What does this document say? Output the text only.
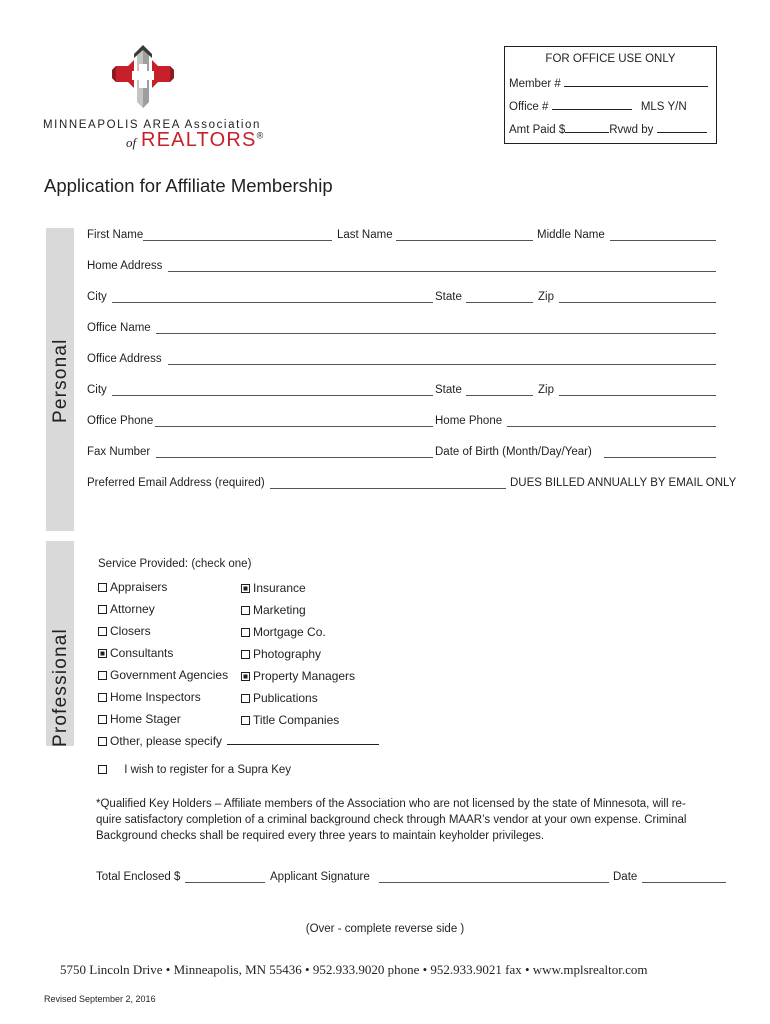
MINNEAPOLIS AREA Association
of REALTORS®
FOR OFFICE USE ONLY
Member #
Office #	MLS Y/N
Amt Paid $	Rvwd by
Application for Affiliate Membership
Personal
Professional
First Name	Last Name	Middle Name
Home Address
City	State	Zip
Office Name
Office Address
City	State	Zip
Office Phone	Home Phone
Fax Number	Date of Birth (Month/Day/Year)
Preferred Email Address (required)	DUES BILLED ANNUALLY BY EMAIL ONLY
Service Provided: (check one)
Appraisers
Attorney
Closers
Consultants
Government Agencies
Home Inspectors
Home Stager
Insurance
Marketing
Mortgage Co.
Photography
Property Managers
Publications
Title Companies
Other, please specify
I wish to register for a Supra Key
*Qualified Key Holders – Affiliate members of the Association who are not licensed by the state of Minnesota, will re-quire satisfactory completion of a criminal background check through MAAR’s vendor at your own expense. Criminal Background checks shall be required every three years to maintain keyholder privileges.
Total Enclosed $	Applicant Signature	Date
(Over - complete reverse side )
5750 Lincoln Drive • Minneapolis, MN 55436 • 952.933.9020 phone • 952.933.9021 fax • www.mplsrealtor.com
Revised September 2, 2016
